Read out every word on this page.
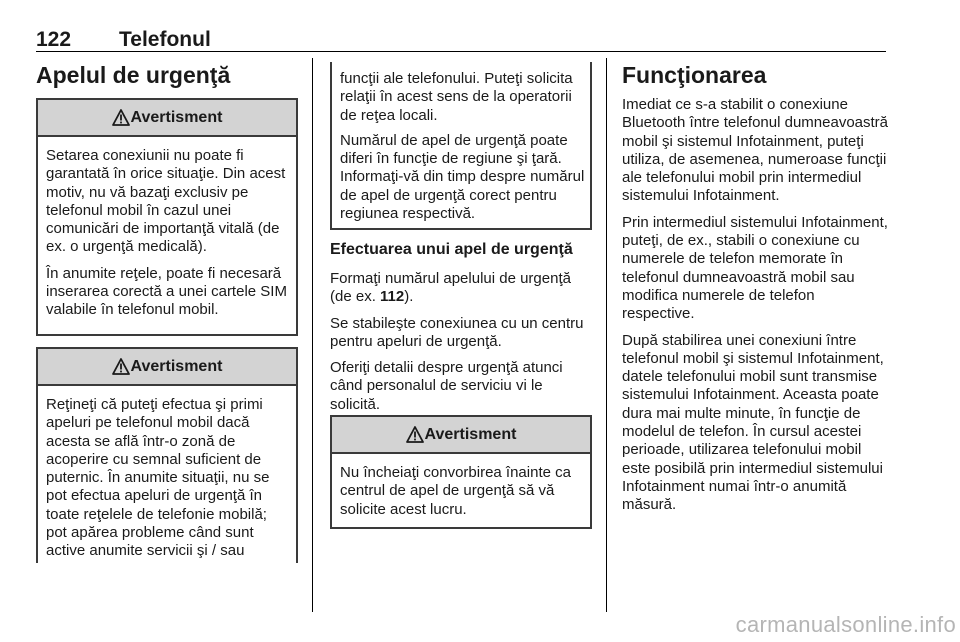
122 Telefonul
Apelul de urgenţă
Avertisment

Setarea conexiunii nu poate fi garantată în orice situaţie. Din acest motiv, nu vă bazaţi exclusiv pe telefonul mobil în cazul unei comunicări de importanţă vitală (de ex. o urgenţă medicală).

În anumite reţele, poate fi necesară inserarea corectă a unei cartele SIM valabile în telefonul mobil.

Avertisment

Reţineţi că puteţi efectua şi primi apeluri pe telefonul mobil dacă acesta se află într-o zonă de acoperire cu semnal suficient de puternic. În anumite situaţii, nu se pot efectua apeluri de urgenţă în toate reţelele de telefonie mobilă; pot apărea probleme când sunt active anumite servicii şi / sau

funcţii ale telefonului. Puteţi solicita relaţii în acest sens de la operatorii de reţea locali.

Numărul de apel de urgenţă poate diferi în funcţie de regiune şi ţară. Informaţi-vă din timp despre numărul de apel de urgenţă corect pentru regiunea respectivă.

Efectuarea unui apel de urgenţă

Formaţi numărul apelului de urgenţă (de ex. 112).

Se stabileşte conexiunea cu un centru pentru apeluri de urgenţă.

Oferiţi detalii despre urgenţă atunci când personalul de serviciu vi le solicită.

Avertisment

Nu încheiaţi convorbirea înainte ca centrul de apel de urgenţă să vă solicite acest lucru.

Funcţionarea

Imediat ce s-a stabilit o conexiune Bluetooth între telefonul dumneavoastră mobil şi sistemul Infotainment, puteţi utiliza, de asemenea, numeroase funcţii ale telefonului mobil prin intermediul sistemului Infotainment.

Prin intermediul sistemului Infotainment, puteţi, de ex., stabili o conexiune cu numerele de telefon memorate în telefonul dumneavoastră mobil sau modifica numerele de telefon respective.

După stabilirea unei conexiuni între telefonul mobil şi sistemul Infotainment, datele telefonului mobil sunt transmise sistemului Infotainment. Aceasta poate dura mai multe minute, în funcţie de modelul de telefon. În cursul acestei perioade, utilizarea telefonului mobil este posibilă prin intermediul sistemului Infotainment numai într-o anumită măsură.

carmanualsonline.info
